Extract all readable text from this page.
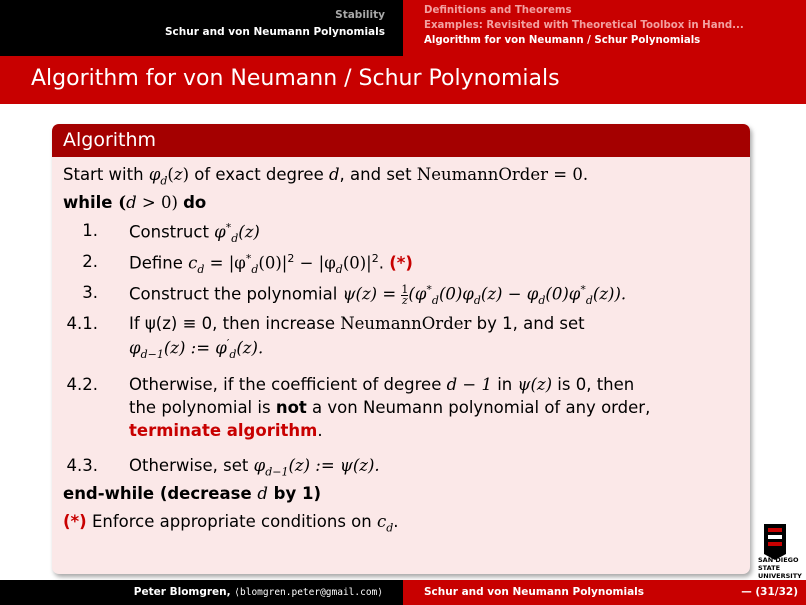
Stability
Schur and von Neumann Polynomials
Definitions and Theorems
Examples: Revisited with Theoretical Toolbox in Hand...
Algorithm for von Neumann / Schur Polynomials
Algorithm for von Neumann / Schur Polynomials
Algorithm
Start with $\varphi_d(z)$ of exact degree d, and set NeumannOrder = 0.
while (d > 0) do
1. Construct $\varphi^*_d(z)$
2. Define $c_d = |\varphi^*_d(0)|^2 - |\varphi_d(0)|^2$. (*)
3. Construct the polynomial $\psi(z) = \frac{1}{z} (\varphi^*_d(0)\varphi_d(z) - \varphi_d(0)\varphi^*_d(z))$.
4.1. If ψ(z) ≡ 0, then increase NeumannOrder by 1, and set
$\varphi_{d-1}(z)$ := $\varphi'_d(z)$.
4.2. Otherwise, if the coefficient of degree d − 1 in ψ(z) is 0, then
the polynomial is not a von Neumann polynomial of any order,
terminate algorithm.
4.3. Otherwise, set $\varphi_{d-1}(z)$ := ψ(z).
end-while (decrease d by 1)
(*) Enforce appropriate conditions on $c_d$.
SAN DIEGO STATE
UNIVERSITY
Peter Blomgren, ⟨blomgren.peter@gmail.com⟩	Schur and von Neumann Polynomials	— (31/32)
